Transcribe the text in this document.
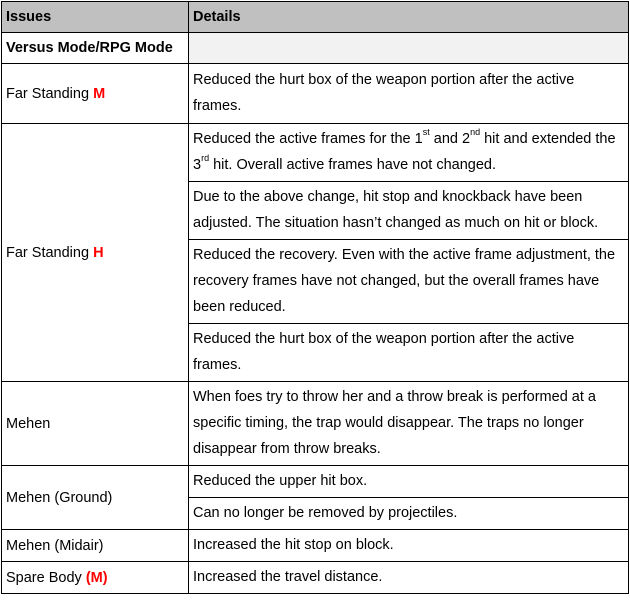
Issues	Details
Versus Mode/RPG Mode	
Far Standing M	Reduced the hurt box of the weapon portion after the active frames.
Far Standing H	Reduced the active frames for the 1st and 2nd hit and extended the 3rd hit. Overall active frames have not changed.
	Due to the above change, hit stop and knockback have been adjusted. The situation hasn’t changed as much on hit or block.
	Reduced the recovery. Even with the active frame adjustment, the recovery frames have not changed, but the overall frames have been reduced.
	Reduced the hurt box of the weapon portion after the active frames.
Mehen	When foes try to throw her and a throw break is performed at a specific timing, the trap would disappear. The traps no longer disappear from throw breaks.
Mehen (Ground)	Reduced the upper hit box.
	Can no longer be removed by projectiles.
Mehen (Midair)	Increased the hit stop on block.
Spare Body (M)	Increased the travel distance.
